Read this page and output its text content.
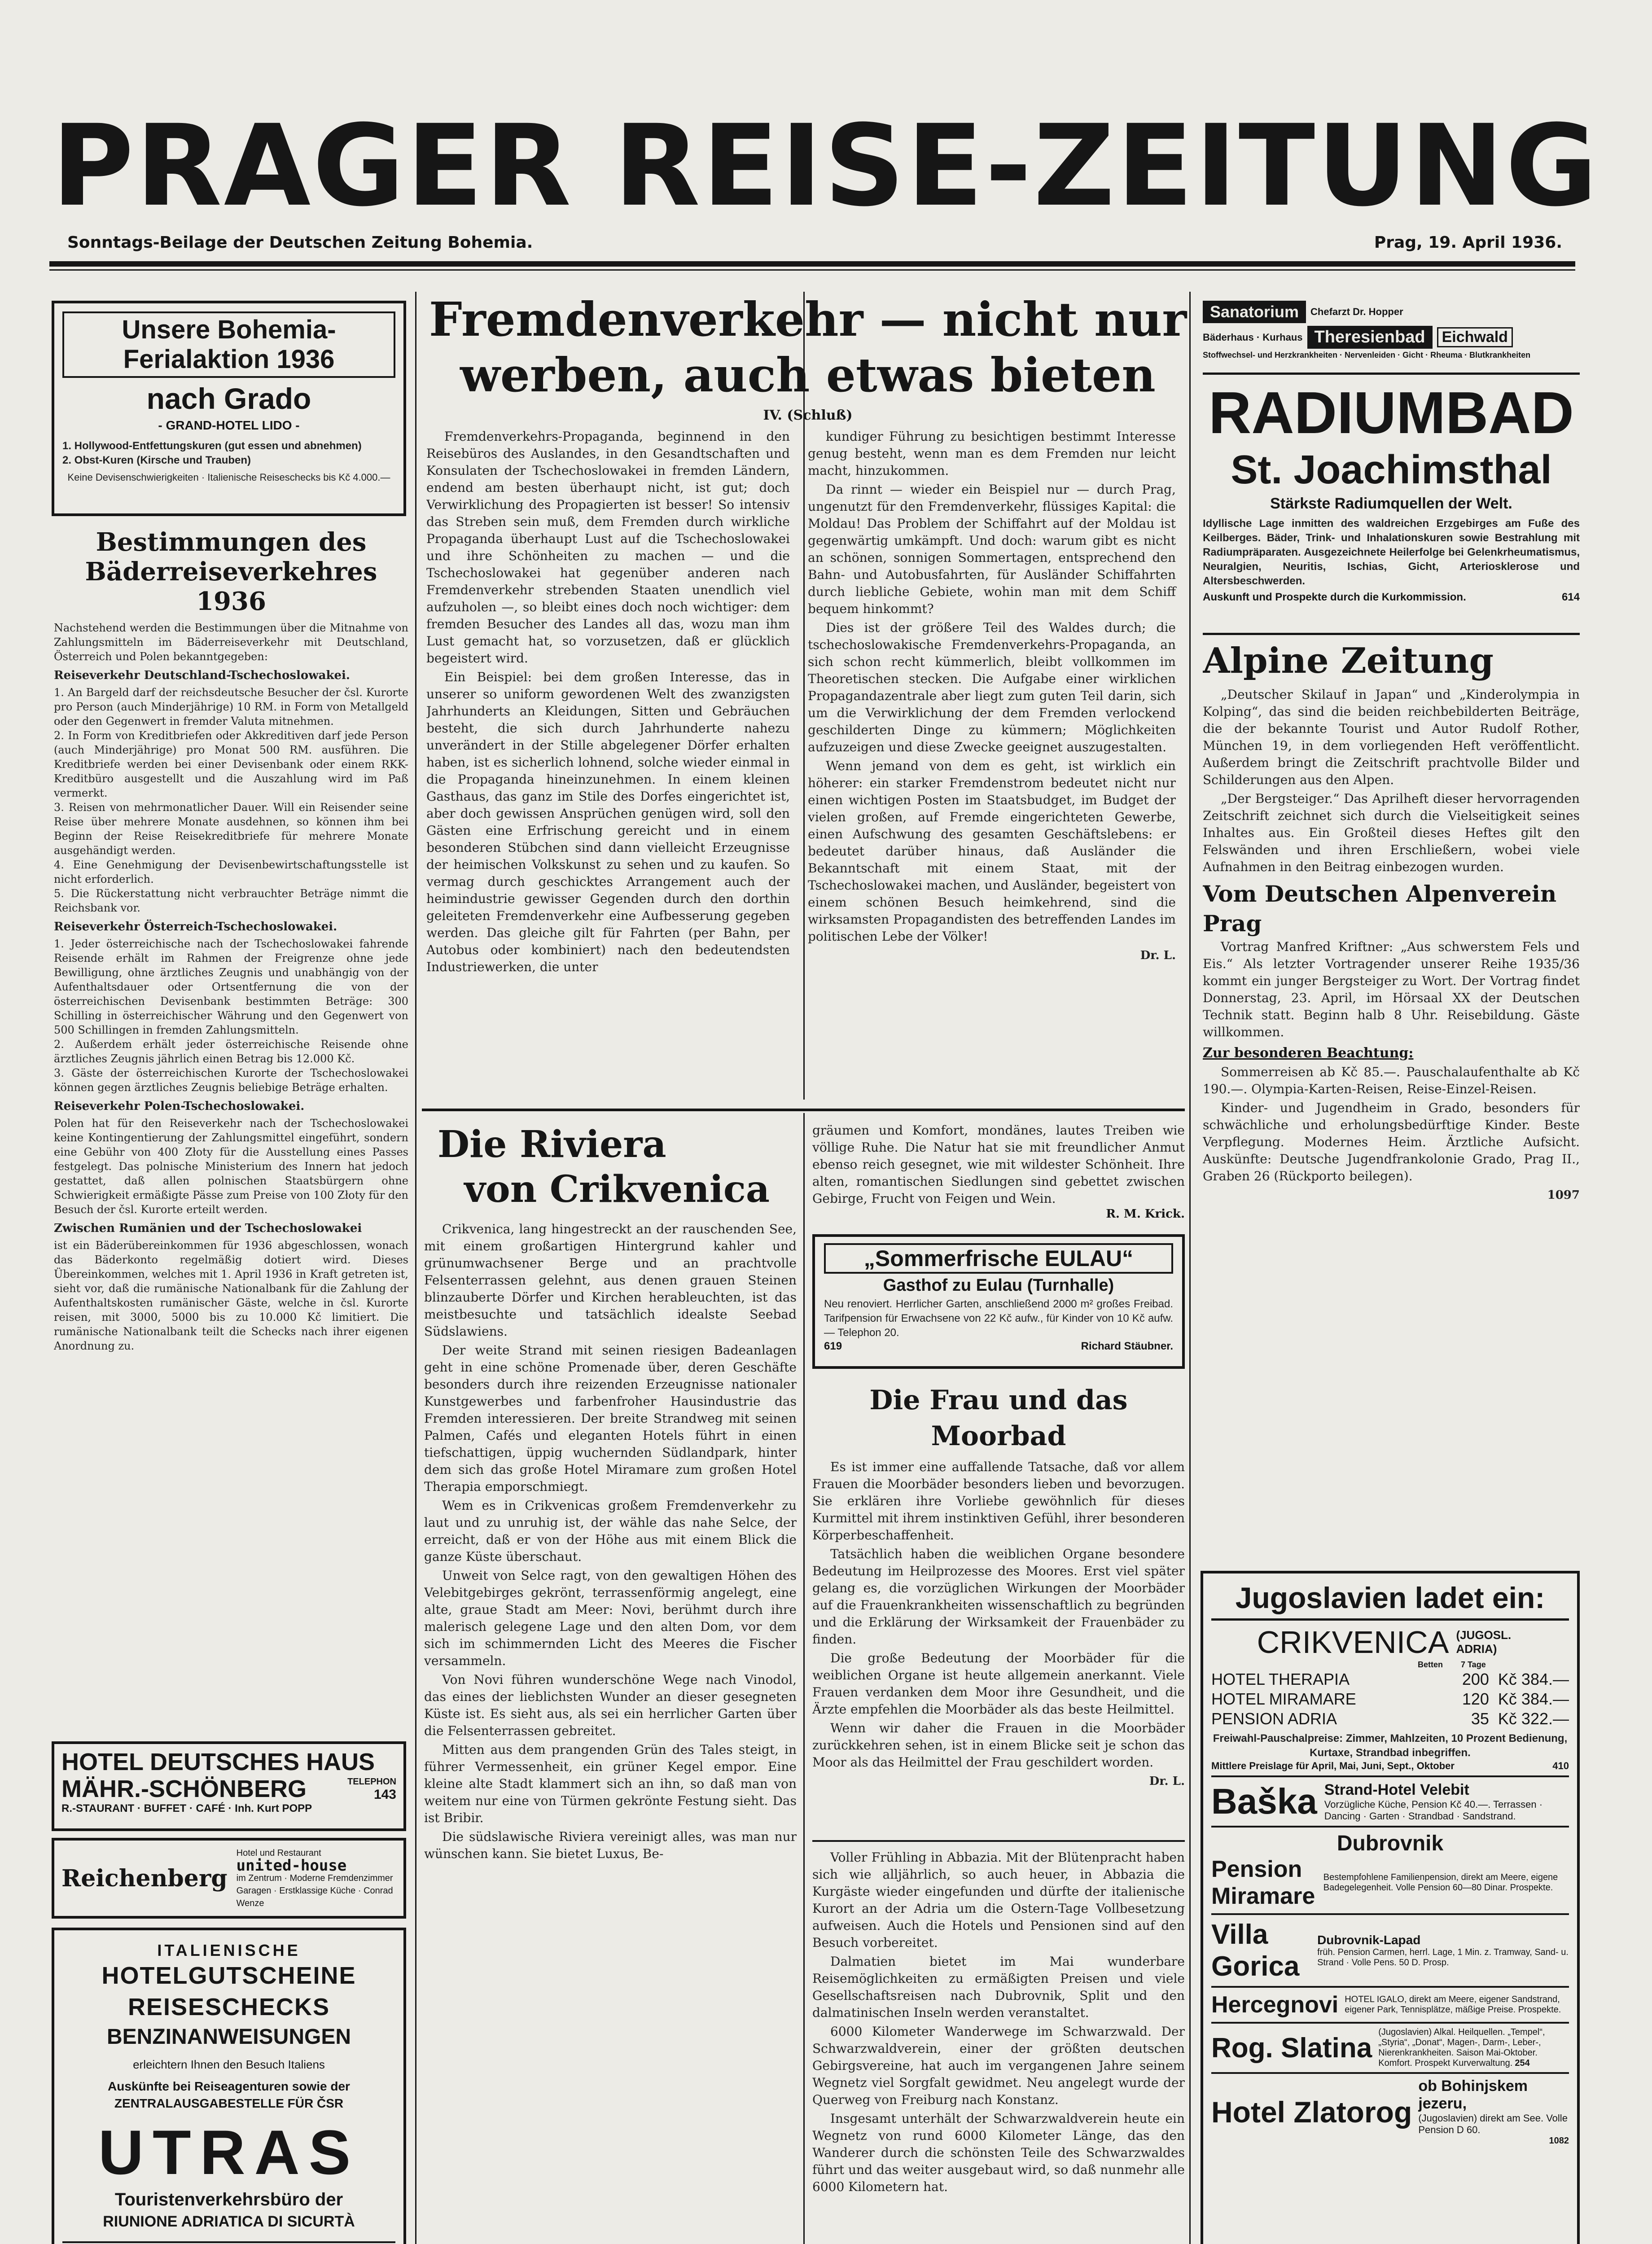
PRAGER REISE-ZEITUNG
Sonntags-Beilage der Deutschen Zeitung Bohemia.	Prag, 19. April 1936.
Unsere Bohemia-Ferialaktion 1936
nach Grado
- GRAND-HOTEL LIDO -
1. Hollywood-Entfettungskuren (gut essen und abnehmen)
2. Obst-Kuren (Kirsche und Trauben)
Keine Devisenschwierigkeiten · Italienische Reiseschecks bis Kč 4.000.—
Bestimmungen des Bäderreiseverkehres 1936

Nachstehend werden die Bestimmungen über die Mitnahme von Zahlungsmitteln im Bäderreiseverkehr mit Deutschland, Österreich und Polen bekanntgegeben:

Reiseverkehr Deutschland-Tschechoslowakei.

1. An Bargeld darf der reichsdeutsche Besucher der čsl. Kurorte pro Person (auch Minderjährige) 10 RM. in Form von Metallgeld oder den Gegenwert in fremder Valuta mitnehmen.

2. In Form von Kreditbriefen oder Akkreditiven darf jede Person (auch Minderjährige) pro Monat 500 RM. ausführen. Die Kreditbriefe werden bei einer Devisenbank oder einem RKK-Kreditbüro ausgestellt und die Auszahlung wird im Paß vermerkt.

3. Reisen von mehrmonatlicher Dauer. Will ein Reisender seine Reise über mehrere Monate ausdehnen, so können ihm bei Beginn der Reise Reisekreditbriefe für mehrere Monate ausgehändigt werden.

4. Eine Genehmigung der Devisenbewirtschaftungsstelle ist nicht erforderlich.

5. Die Rückerstattung nicht verbrauchter Beträge nimmt die Reichsbank vor.

Reiseverkehr Österreich-Tschechoslowakei.

1. Jeder österreichische nach der Tschechoslowakei fahrende Reisende erhält im Rahmen der Freigrenze ohne jede Bewilligung, ohne ärztliches Zeugnis und unabhängig von der Aufenthaltsdauer oder Ortsentfernung die von der österreichischen Devisenbank bestimmten Beträge: 300 Schilling in österreichischer Währung und den Gegenwert von 500 Schillingen in fremden Zahlungsmitteln.

2. Außerdem erhält jeder österreichische Reisende ohne ärztliches Zeugnis jährlich einen Betrag bis 12.000 Kč.

3. Gäste der österreichischen Kurorte der Tschechoslowakei können gegen ärztliches Zeugnis beliebige Beträge erhalten.

Reiseverkehr Polen-Tschechoslowakei.

Polen hat für den Reiseverkehr nach der Tschechoslowakei keine Kontingentierung der Zahlungsmittel eingeführt, sondern eine Gebühr von 400 Złoty für die Ausstellung eines Passes festgelegt. Das polnische Ministerium des Innern hat jedoch gestattet, daß allen polnischen Staatsbürgern ohne Schwierigkeit ermäßigte Pässe zum Preise von 100 Złoty für den Besuch der čsl. Kurorte erteilt werden.

Zwischen Rumänien und der Tschechoslowakei

ist ein Bäderübereinkommen für 1936 abgeschlossen, wonach das Bäderkonto regelmäßig dotiert wird. Dieses Übereinkommen, welches mit 1. April 1936 in Kraft getreten ist, sieht vor, daß die rumänische Nationalbank für die Zahlung der Aufenthaltskosten rumänischer Gäste, welche in čsl. Kurorte reisen, mit 3000, 5000 bis zu 10.000 Kč limitiert. Die rumänische Nationalbank teilt die Schecks nach ihrer eigenen Anordnung zu.

HOTEL DEUTSCHES HAUS
MÄHR.-SCHÖNBERG	TELEPHON
143
R.-STAURANT · BUFFET · CAFÉ · Inh. Kurt POPP
Reichenberg
Hotel und Restaurant
united-house
im Zentrum · Moderne Fremdenzimmer
Garagen · Erstklassige Küche · Conrad Wenze
ITALIENISCHE
HOTELGUTSCHEINE
REISESCHECKS
BENZINANWEISUNGEN
erleichtern Ihnen den Besuch Italiens
Auskünfte bei Reiseagenturen sowie der ZENTRALAUSGABESTELLE FÜR ČSR
UTRAS
Touristenverkehrsbüro der
RIUNIONE ADRIATICA DI SICURTÀ
Fremdenverkehr — nicht nur
werben, auch etwas bieten
IV. (Schluß)

Fremdenverkehrs-Propaganda, beginnend in den Reisebüros des Auslandes, in den Gesandtschaften und Konsulaten der Tschechoslowakei in fremden Ländern, endend am besten überhaupt nicht, ist gut; doch Verwirklichung des Propagierten ist besser! So intensiv das Streben sein muß, dem Fremden durch wirkliche Propaganda überhaupt Lust auf die Tschechoslowakei und ihre Schönheiten zu machen — und die Tschechoslowakei hat gegenüber anderen nach Fremdenverkehr strebenden Staaten unendlich viel aufzuholen —, so bleibt eines doch noch wichtiger: dem fremden Besucher des Landes all das, wozu man ihm Lust gemacht hat, so vorzusetzen, daß er glücklich begeistert wird.

Ein Beispiel: bei dem großen Interesse, das in unserer so uniform gewordenen Welt des zwanzigsten Jahrhunderts an Kleidungen, Sitten und Gebräuchen besteht, die sich durch Jahrhunderte nahezu unverändert in der Stille abgelegener Dörfer erhalten haben, ist es sicherlich lohnend, solche wieder einmal in die Propaganda hineinzunehmen. In einem kleinen Gasthaus, das ganz im Stile des Dorfes eingerichtet ist, aber doch gewissen Ansprüchen genügen wird, soll den Gästen eine Erfrischung gereicht und in einem besonderen Stübchen sind dann vielleicht Erzeugnisse der heimischen Volkskunst zu sehen und zu kaufen. So vermag durch geschicktes Arrangement auch der heimindustrie gewisser Gegenden durch den dorthin geleiteten Fremdenverkehr eine Aufbesserung gegeben werden. Das gleiche gilt für Fahrten (per Bahn, per Autobus oder kombiniert) nach den bedeutendsten Industriewerken, die unter

kundiger Führung zu besichtigen bestimmt Interesse genug besteht, wenn man es dem Fremden nur leicht macht, hinzukommen.

Da rinnt — wieder ein Beispiel nur — durch Prag, ungenutzt für den Fremdenverkehr, flüssiges Kapital: die Moldau! Das Problem der Schiffahrt auf der Moldau ist gegenwärtig umkämpft. Und doch: warum gibt es nicht an schönen, sonnigen Sommertagen, entsprechend den Bahn- und Autobusfahrten, für Ausländer Schiffahrten durch liebliche Gebiete, wohin man mit dem Schiff bequem hinkommt?

Dies ist der größere Teil des Waldes durch; die tschechoslowakische Fremdenverkehrs-Propaganda, an sich schon recht kümmerlich, bleibt vollkommen im Theoretischen stecken. Die Aufgabe einer wirklichen Propagandazentrale aber liegt zum guten Teil darin, sich um die Verwirklichung der dem Fremden verlockend geschilderten Dinge zu kümmern; Möglichkeiten aufzuzeigen und diese Zwecke geeignet auszugestalten.

Wenn jemand von dem es geht, ist wirklich ein höherer: ein starker Fremdenstrom bedeutet nicht nur einen wichtigen Posten im Staatsbudget, im Budget der vielen großen, auf Fremde eingerichteten Gewerbe, einen Aufschwung des gesamten Geschäftslebens: er bedeutet darüber hinaus, daß Ausländer die Bekanntschaft mit einem Staat, mit der Tschechoslowakei machen, und Ausländer, begeistert von einem schönen Besuch heimkehrend, sind die wirksamsten Propagandisten des betreffenden Landes im politischen Lebe der Völker!

Dr. L.
Die Riviera
von Crikvenica

Crikvenica, lang hingestreckt an der rauschenden See, mit einem großartigen Hintergrund kahler und grünumwachsener Berge und an prachtvolle Felsenterrassen gelehnt, aus denen grauen Steinen blinzauberte Dörfer und Kirchen herableuchten, ist das meistbesuchte und tatsächlich idealste Seebad Südslawiens.

Der weite Strand mit seinen riesigen Badeanlagen geht in eine schöne Promenade über, deren Geschäfte besonders durch ihre reizenden Erzeugnisse nationaler Kunstgewerbes und farbenfroher Hausindustrie das Fremden interessieren. Der breite Strandweg mit seinen Palmen, Cafés und eleganten Hotels führt in einen tiefschattigen, üppig wuchernden Südlandpark, hinter dem sich das große Hotel Miramare zum großen Hotel Therapia emporschmiegt.

Wem es in Crikvenicas großem Fremdenverkehr zu laut und zu unruhig ist, der wähle das nahe Selce, der erreicht, daß er von der Höhe aus mit einem Blick die ganze Küste überschaut.

Unweit von Selce ragt, von den gewaltigen Höhen des Velebitgebirges gekrönt, terrassenförmig angelegt, eine alte, graue Stadt am Meer: Novi, berühmt durch ihre malerisch gelegene Lage und den alten Dom, vor dem sich im schimmernden Licht des Meeres die Fischer versammeln.

Von Novi führen wunderschöne Wege nach Vinodol, das eines der lieblichsten Wunder an dieser gesegneten Küste ist. Es sieht aus, als sei ein herrlicher Garten über die Felsenterrassen gebreitet.

Mitten aus dem prangenden Grün des Tales steigt, in führer Vermessenheit, ein grüner Kegel empor. Eine kleine alte Stadt klammert sich an ihn, so daß man von weitem nur eine von Türmen gekrönte Festung sieht. Das ist Bribir.

Die südslawische Riviera vereinigt alles, was man nur wünschen kann. Sie bietet Luxus, Be-

gräumen und Komfort, mondänes, lautes Treiben wie völlige Ruhe. Die Natur hat sie mit freundlicher Anmut ebenso reich gesegnet, wie mit wildester Schönheit. Ihre alten, romantischen Siedlungen sind gebettet zwischen Gebirge, Frucht von Feigen und Wein.
R. M. Krick.
„Sommerfrische EULAU“
Gasthof zu Eulau (Turnhalle)
Neu renoviert. Herrlicher Garten, anschließend 2000 m² großes Freibad. Tarifpension für Erwachsene von 22 Kč aufw., für Kinder von 10 Kč aufw. — Telephon 20.
619	Richard Stäubner.
Die Frau und das Moorbad

Es ist immer eine auffallende Tatsache, daß vor allem Frauen die Moorbäder besonders lieben und bevorzugen. Sie erklären ihre Vorliebe gewöhnlich für dieses Kurmittel mit ihrem instinktiven Gefühl, ihrer besonderen Körperbeschaffenheit.

Tatsächlich haben die weiblichen Organe besondere Bedeutung im Heilprozesse des Moores. Erst viel später gelang es, die vorzüglichen Wirkungen der Moorbäder auf die Frauenkrankheiten wissenschaftlich zu begründen und die Erklärung der Wirksamkeit der Frauenbäder zu finden.

Die große Bedeutung der Moorbäder für die weiblichen Organe ist heute allgemein anerkannt. Viele Frauen verdanken dem Moor ihre Gesundheit, und die Ärzte empfehlen die Moorbäder als das beste Heilmittel.

Wenn wir daher die Frauen in die Moorbäder zurückkehren sehen, ist in einem Blicke seit je schon das Moor als das Heilmittel der Frau geschildert worden.

Dr. L.

Voller Frühling in Abbazia. Mit der Blütenpracht haben sich wie alljährlich, so auch heuer, in Abbazia die Kurgäste wieder eingefunden und dürfte der italienische Kurort an der Adria um die Ostern-Tage Vollbesetzung aufweisen. Auch die Hotels und Pensionen sind auf den Besuch vorbereitet.

Dalmatien bietet im Mai wunderbare Reisemöglichkeiten zu ermäßigten Preisen und viele Gesellschaftsreisen nach Dubrovnik, Split und den dalmatinischen Inseln werden veranstaltet.

6000 Kilometer Wanderwege im Schwarzwald. Der Schwarzwaldverein, einer der größten deutschen Gebirgsvereine, hat auch im vergangenen Jahre seinem Wegnetz viel Sorgfalt gewidmet. Neu angelegt wurde der Querweg von Freiburg nach Konstanz.

Insgesamt unterhält der Schwarzwaldverein heute ein Wegnetz von rund 6000 Kilometer Länge, das den Wanderer durch die schönsten Teile des Schwarzwaldes führt und das weiter ausgebaut wird, so daß nunmehr alle 6000 Kilometern hat.

Sanatorium	Chefarzt Dr. Hopper
Bäderhaus · Kurhaus Theresienbad	Eichwald
Stoffwechsel- und Herzkrankheiten · Nervenleiden · Gicht · Rheuma · Blutkrankheiten
RADIUMBAD
St. Joachimsthal
Stärkste Radiumquellen der Welt.
Idyllische Lage inmitten des waldreichen Erzgebirges am Fuße des Keilberges. Bäder, Trink- und Inhalationskuren sowie Bestrahlung mit Radiumpräparaten. Ausgezeichnete Heilerfolge bei Gelenkrheumatismus, Neuralgien, Neuritis, Ischias, Gicht, Arteriosklerose und Altersbeschwerden.
Auskunft und Prospekte durch die Kurkommission.	614
Alpine Zeitung

„Deutscher Skilauf in Japan“ und „Kinderolympia in Kolping“, das sind die beiden reichbebilderten Beiträge, die der bekannte Tourist und Autor Rudolf Rother, München 19, in dem vorliegenden Heft veröffentlicht. Außerdem bringt die Zeitschrift prachtvolle Bilder und Schilderungen aus den Alpen.

„Der Bergsteiger.“ Das Aprilheft dieser hervorragenden Zeitschrift zeichnet sich durch die Vielseitigkeit seines Inhaltes aus. Ein Großteil dieses Heftes gilt den Felswänden und ihren Erschließern, wobei viele Aufnahmen in den Beitrag einbezogen wurden.

Vom Deutschen Alpenverein Prag

Vortrag Manfred Kriftner: „Aus schwerstem Fels und Eis.“ Als letzter Vortragender unserer Reihe 1935/36 kommt ein junger Bergsteiger zu Wort. Der Vortrag findet Donnerstag, 23. April, im Hörsaal XX der Deutschen Technik statt. Beginn halb 8 Uhr. Reisebildung. Gäste willkommen.

Zur besonderen Beachtung:

Sommerreisen ab Kč 85.—. Pauschalaufenthalte ab Kč 190.—. Olympia-Karten-Reisen, Reise-Einzel-Reisen.

Kinder- und Jugendheim in Grado, besonders für schwächliche und erholungsbedürftige Kinder. Beste Verpflegung. Modernes Heim. Ärztliche Aufsicht. Auskünfte: Deutsche Jugendfrankolonie Grado, Prag II., Graben 26 (Rückporto beilegen).

1097
Jugoslavien ladet ein:
CRIKVENICA (JUGOSL. ADRIA)
Betten 7 Tage
HOTEL THERAPIA	200 Kč 384.—
HOTEL MIRAMARE	120 Kč 384.—
PENSION ADRIA	35 Kč 322.—
Freiwahl-Pauschalpreise: Zimmer, Mahlzeiten, 10 Prozent Bedienung, Kurtaxe, Strandbad inbegriffen.
Mittlere Preislage für April, Mai, Juni, Sept., Oktober	410
Baška Strand-Hotel Velebit
Vorzügliche Küche, Pension Kč 40.—. Terrassen · Dancing · Garten · Strandbad · Sandstrand.
Dubrovnik
Pension Miramare
Bestempfohlene Familienpension, direkt am Meere, eigene Badegelegenheit. Volle Pension 60—80 Dinar. Prospekte.
Villa Gorica
Dubrovnik-Lapad
früh. Pension Carmen, herrl. Lage, 1 Min. z. Tramway, Sand- u. Strand · Volle Pens. 50 D. Prosp.
Hercegnovi HOTEL IGALO, direkt am Meere, eigener Sandstrand, eigener Park, Tennisplätze, mäßige Preise. Prospekte.
Rog. Slatina
(Jugoslavien) Alkal. Heilquellen. „Tempel“, „Styria“, „Donat“, Magen-, Darm-, Leber-, Nierenkrankheiten. Saison Mai-Oktober. Komfort. Prospekt Kurverwaltung. 254
Hotel Zlatorog
ob Bohinjskem jezeru,
(Jugoslavien) direkt am See. Volle Pension D 60.
1082
